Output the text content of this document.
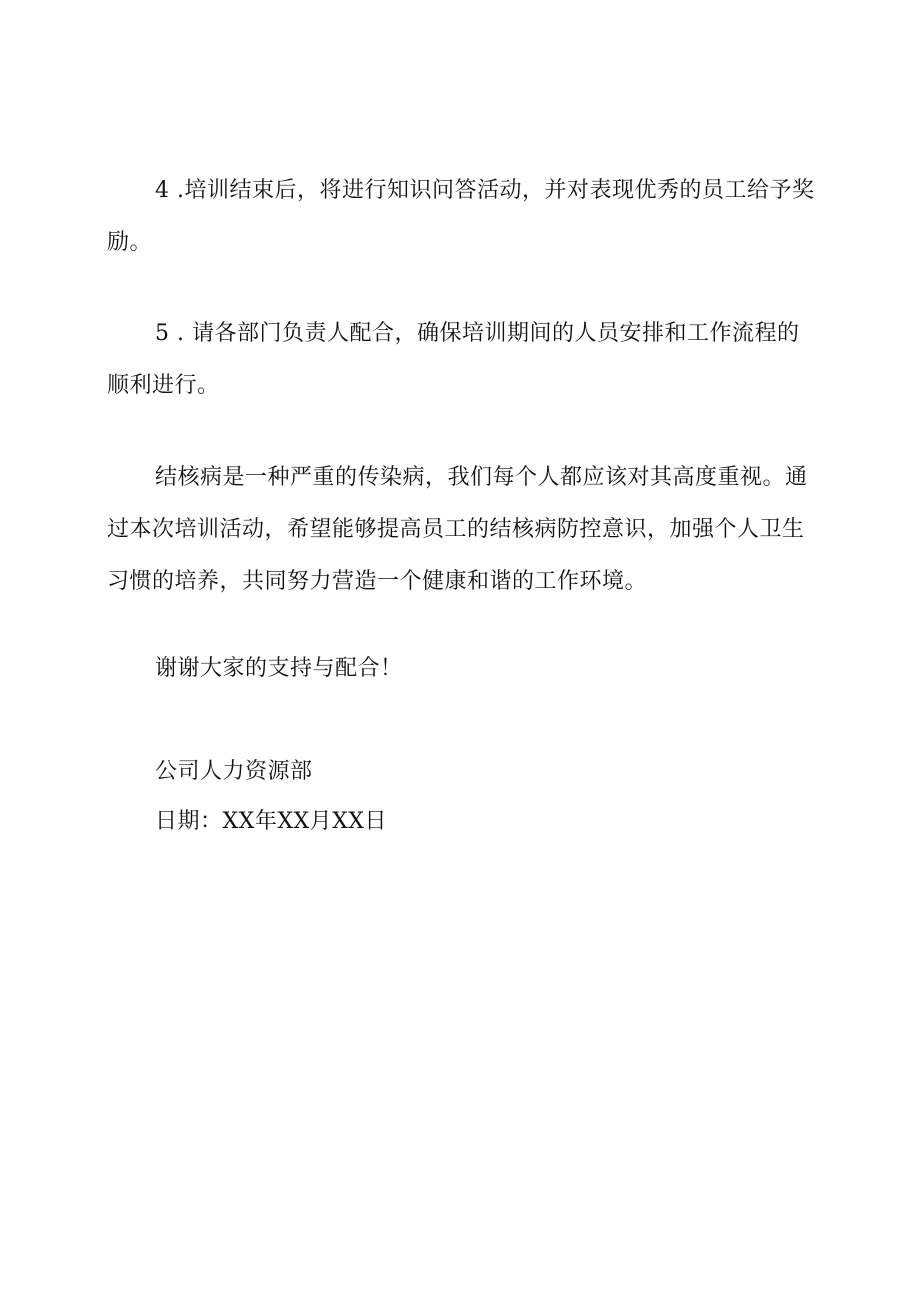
4 .培训结束后，将进行知识问答活动，并对表现优秀的员工给予奖励。

5 . 请各部门负责人配合，确保培训期间的人员安排和工作流程的顺利进行。

结核病是一种严重的传染病，我们每个人都应该对其高度重视。通过本次培训活动，希望能够提高员工的结核病防控意识，加强个人卫生习惯的培养，共同努力营造一个健康和谐的工作环境。

谢谢大家的支持与配合！

公司人力资源部

日期：XX年XX月XX日
